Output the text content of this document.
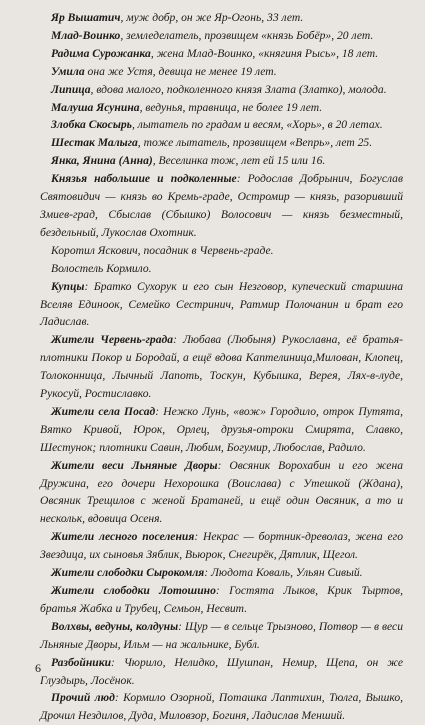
Яр Вышатич, муж добр, он же Яр-Огонь, 33 лет.

Млад-Воинко, земледелатель, прозвищем «князь Бобёр», 20 лет.

Радима Сурожанка, жена Млад-Воинко, «княгиня Рысь», 18 лет.

Умила она же Устя, девица не менее 19 лет.

Липица, вдова малого, подколенного князя Злата (Златко), молода.

Малуша Ясунина, ведунья, травница, не более 19 лет.

Злобка Скосырь, лытатель по градам и весям, «Хорь», в 20 летах.

Шестак Малыга, тоже лытатель, прозвищем «Вепрь», лет 25.

Янка, Янина (Анна), Веселинка тож, лет ей 15 или 16.

Князья набольшие и подколенные: Родослав Добрынич, Богуслав Святовидич — князь во Кремь-граде, Остромир — князь, разоривший Змиев-град, Сбыслав (Сбышко) Волосович — князь безместный, бездельный, Лукослав Охотник.

Коротил Яскович, посадник в Червень-граде.

Волостель Кормило.

Купцы: Братко Сухорук и его сын Незговор, купеческий старшина Вселяв Единоок, Семейко Сестринич, Ратмир Полочанин и брат его Ладислав.

Жители Червень-града: Любава (Любыня) Рукославна, её братья-плотники Покор и Бородай, а ещё вдова Каптелиница,Милован, Клопец, Толоконница, Лычный Лапоть, Тоскун, Кубышка, Верея, Лях-в-луде, Рукосуй, Ростиславко.

Жители села Посад: Нежко Лунь, «вож» Городило, отрок Путята, Вятко Кривой, Юрок, Орлец, друзья-отроки Смирята, Славко, Шестунок; плотники Савин, Любим, Богумир, Любослав, Радило.

Жители веси Льняные Дворы: Овсяник Ворохабин и его жена Дружина, его дочери Нехорошка (Воислава) с Утешкой (Ждана), Овсяник Трещилов с женой Братаней, и ещё один Овсяник, а то и нескольк, вдовица Осеня.

Жители лесного поселения: Некрас — бортник-древолаз, жена его Звездица, их сыновья Зяблик, Вьюрок, Снегирёк, Дятлик, Щегол.

Жители слободки Сырокомля: Людота Коваль, Ульян Сивый.

Жители слободки Лотошино: Гостята Лыков, Крик Тыртов, братья Жабка и Трубец, Семьон, Несвит.

Волхвы, ведуны, колдуны: Щур — в сельце Трызново, Потвор — в веси Льняные Дворы, Ильм — на жальнике, Бубл.

Разбойники: Чюрило, Нелидко, Шушпан, Немир, Щепа, он же Глуздырь, Лосёнок.

Прочий люд: Кормило Озорной, Поташка Лаптихин, Тюлга, Вышко, Дрочил Нездилов, Дуда, Миловзор, Богиня, Ладислав Менший.

6
